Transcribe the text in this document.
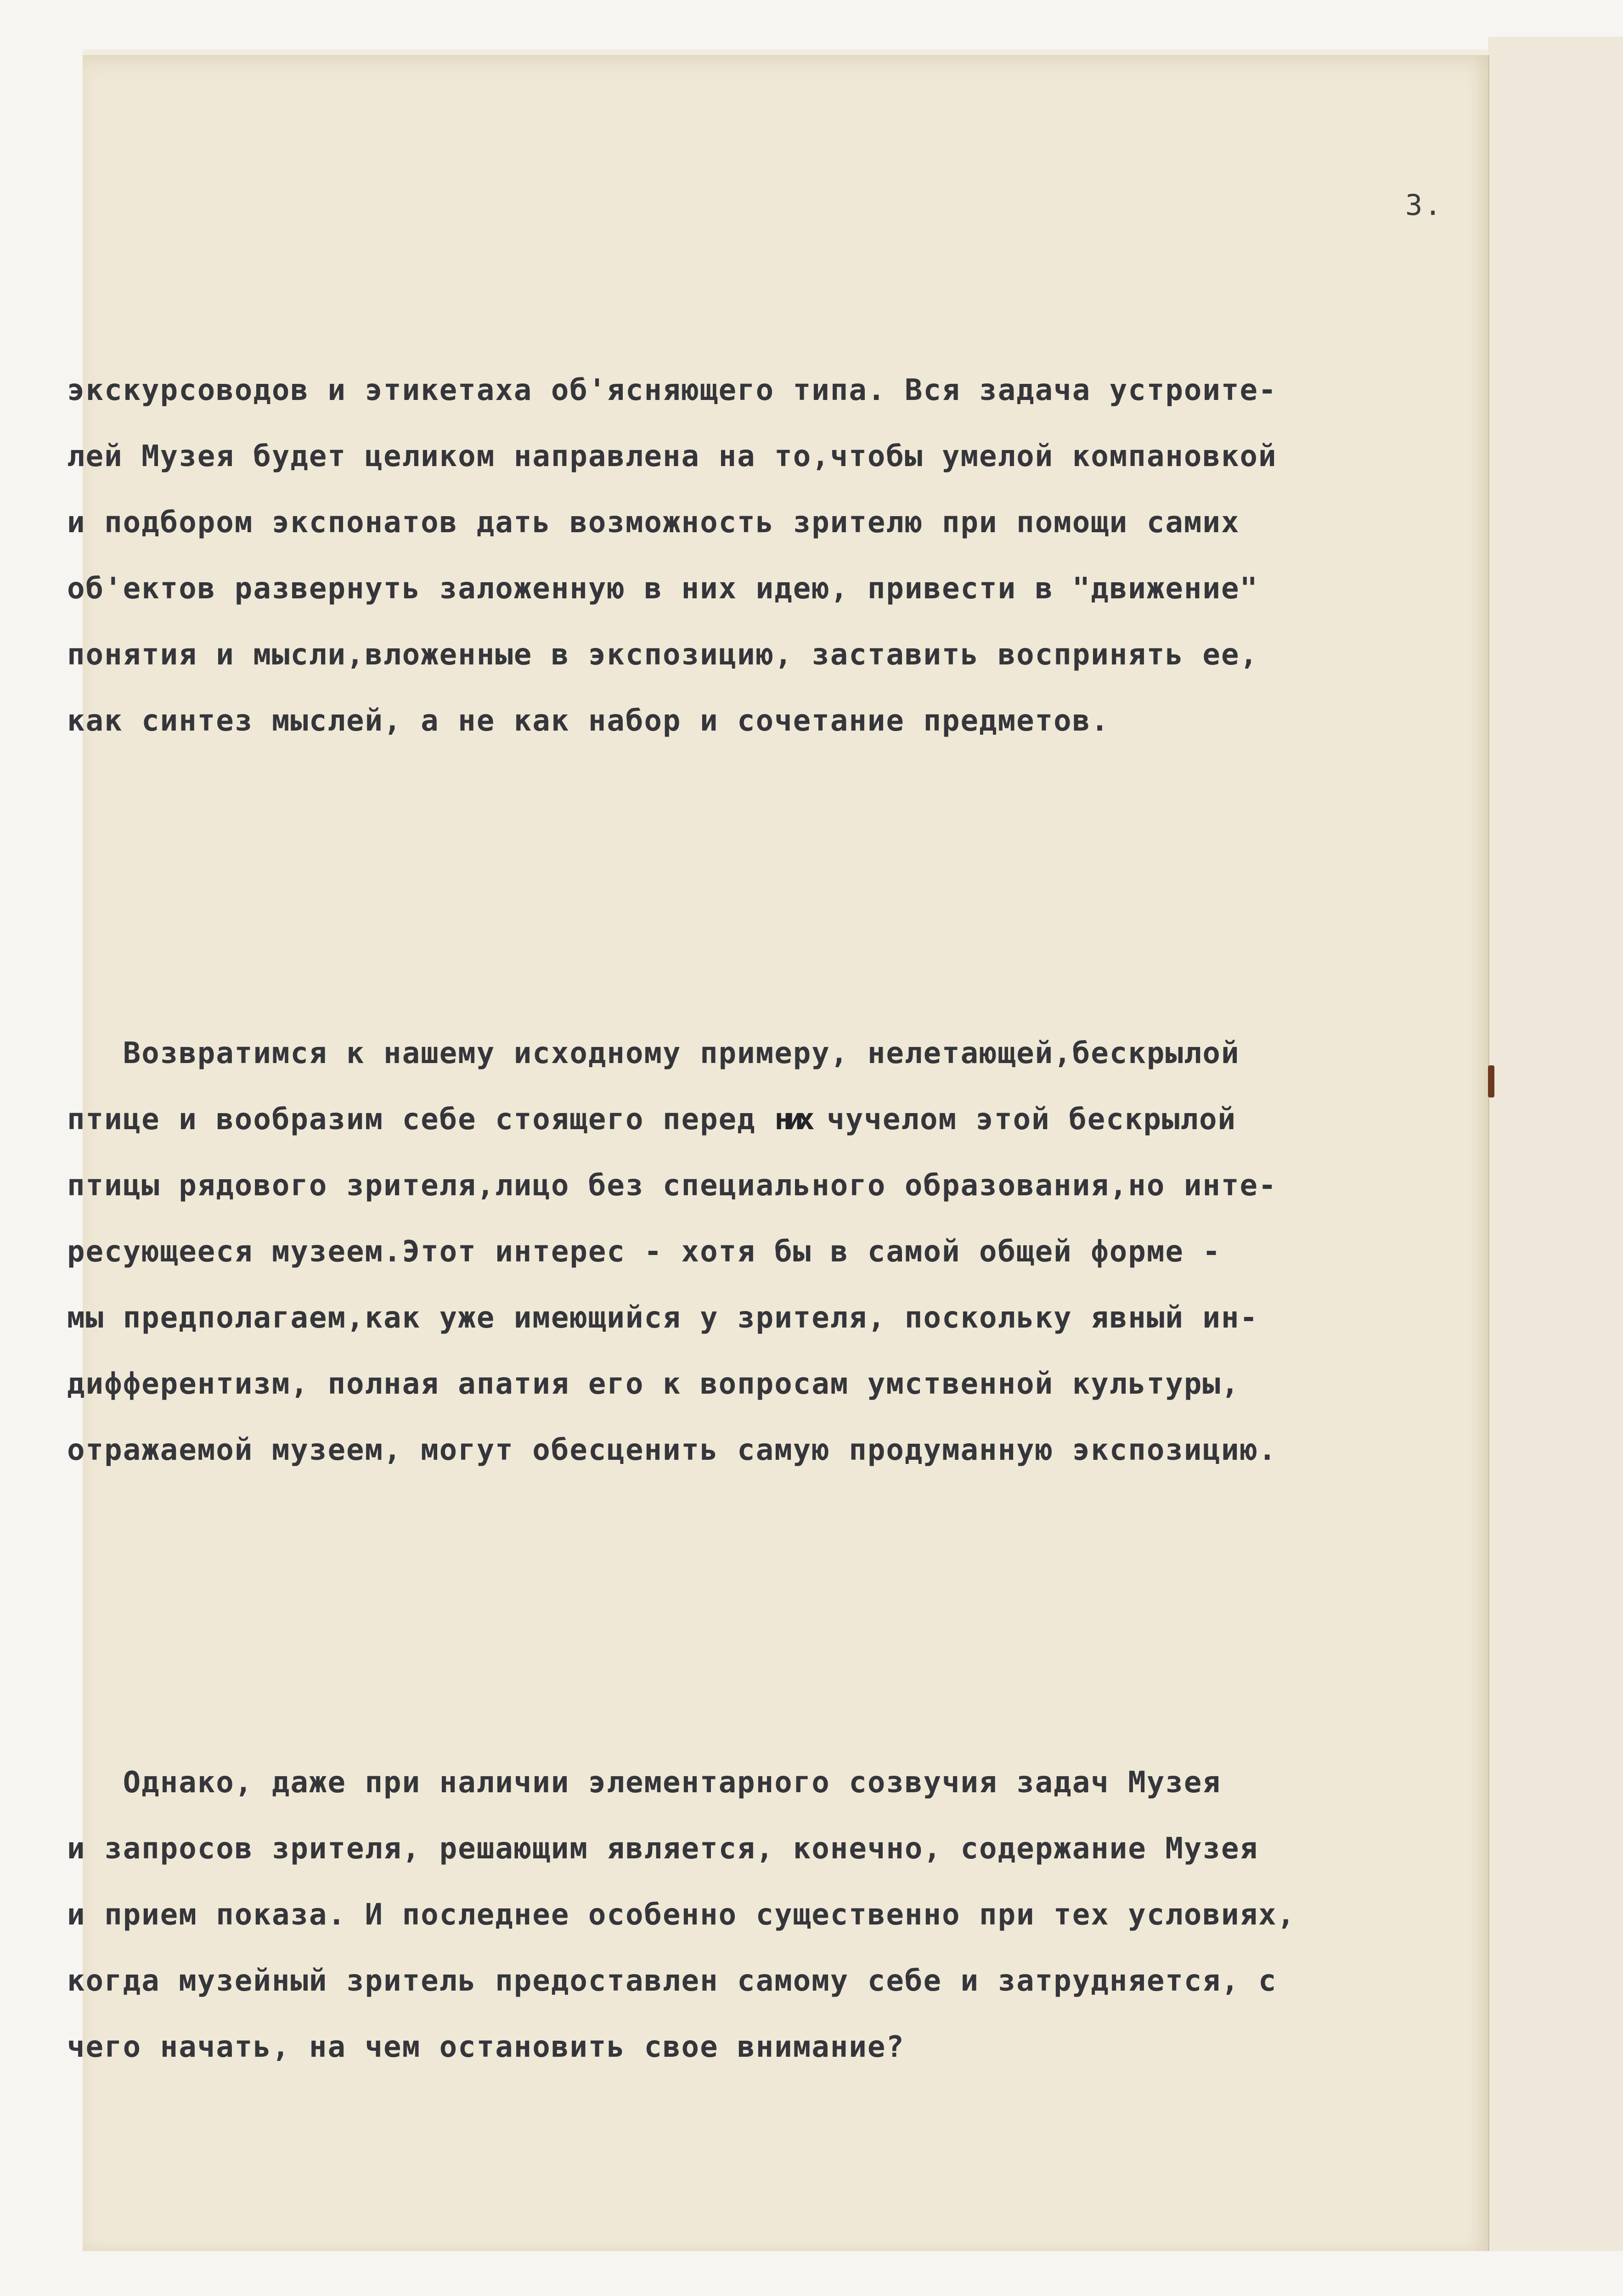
3.

экскурсоводов и этикетаха об'ясняющего типа. Вся задача устроите-
лей Музея будет целиком направлена на то,чтобы умелой компановкой
и подбором экспонатов дать возможность зрителю при помощи самих
об'ектов развернуть заложенную в них идею, привести в "движение"
понятия и мысли,вложенные в экспозицию, заставить воспринять ее,
как синтез мыслей, а не как набор и сочетание предметов.

Возвратимся к нашему исходному примеру, нелетающей,бескрылой
птице и вообразим себе стоящего перед них чучелом этой бескрылой
птицы рядового зрителя,лицо без специального образования,но инте-
ресующееся музеем.Этот интерес - хотя бы в самой общей форме -
мы предполагаем,как уже имеющийся у зрителя, поскольку явный ин-
дифферентизм, полная апатия его к вопросам умственной культуры,
отражаемой музеем, могут обесценить самую продуманную экспозицию.

Однако, даже при наличии элементарного созвучия задач Музея
и запросов зрителя, решающим является, конечно, содержание Музея
и прием показа. И последнее особенно существенно при тех условиях,
когда музейный зритель предоставлен самому себе и затрудняется, с
чего начать, на чем остановить свое внимание?
